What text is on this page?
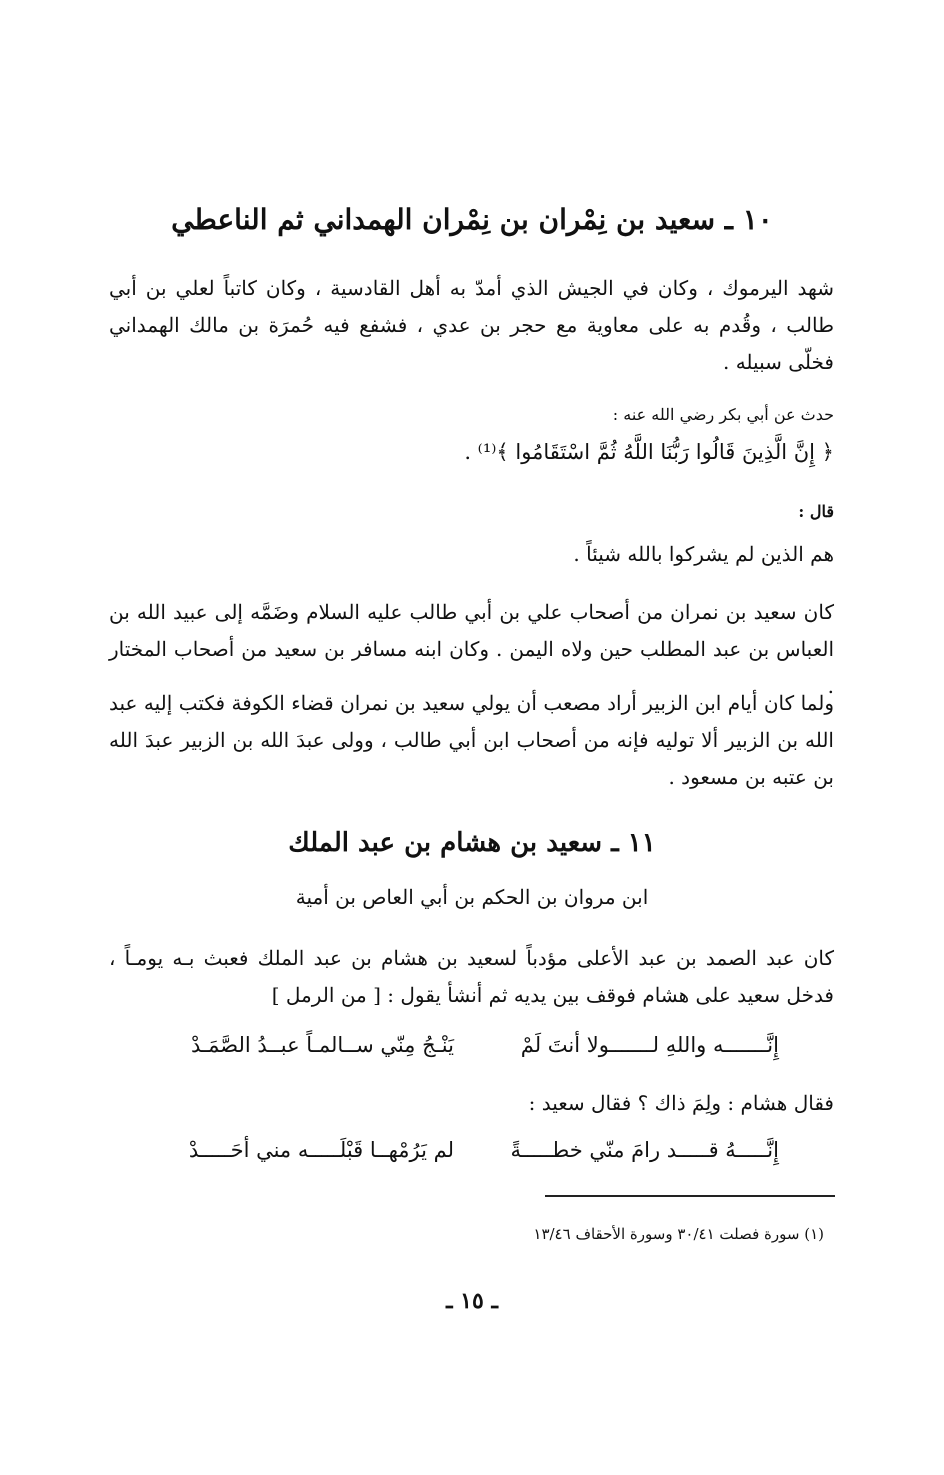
١٠ ـ سعيد بن نِمْران بن نِمْران الهمداني ثم الناعطي
شهد اليرموك ، وكان في الجيش الذي أمدّ به أهل القادسية ، وكان كاتباً لعلي بن أبي طالب ، وقُدم به على معاوية مع حجر بن عدي ، فشفع فيه حُمرَة بن مالك الهمداني فخلّى سبيله .
حدث عن أبي بكر رضي الله عنه :
﴿ إِنَّ الَّذِينَ قَالُوا رَبُّنَا اللَّهُ ثُمَّ اسْتَقَامُوا ﴾⁽¹⁾ .
قال :
هم الذين لم يشركوا بالله شيئاً .
كان سعيد بن نمران من أصحاب علي بن أبي طالب عليه السلام وضَمَّه إلى عبيد الله بن العباس بن عبد المطلب حين ولاه اليمن . وكان ابنه مسافر بن سعيد من أصحاب المختار .
ولما كان أيام ابن الزبير أراد مصعب أن يولي سعيد بن نمران قضاء الكوفة فكتب إليه عبد الله بن الزبير ألا توليه فإنه من أصحاب ابن أبي طالب ، وولى عبدَ الله بن الزبير عبدَ الله بن عتبه بن مسعود .
١١ ـ سعيد بن هشام بن عبد الملك
ابن مروان بن الحكم بن أبي العاص بن أمية
كان عبد الصمد بن عبد الأعلى مؤدباً لسعيد بن هشام بن عبد الملك فعبث بـه يومـاً ، فدخل سعيد على هشام فوقف بين يديه ثم أنشأ يقول : [ من الرمل ]
إِنَّـــــــه واللهِ لـــــــولا أنتَ لَمْ
يَنْـجُ مِنّي ســالمـاً عبــدُ الصَّمَـدْ
فقال هشام : ولِمَ ذاك ؟ فقال سعيد :
إِنَّـــــهُ قـــــد رامَ منّي خطـــــةً
لم يَرُمْهــا قَبْلَـــــه مني أحَـــــدْ
(١) سورة فصلت ٣٠/٤١ وسورة الأحقاف ١٣/٤٦
ـ ١٥ ـ
